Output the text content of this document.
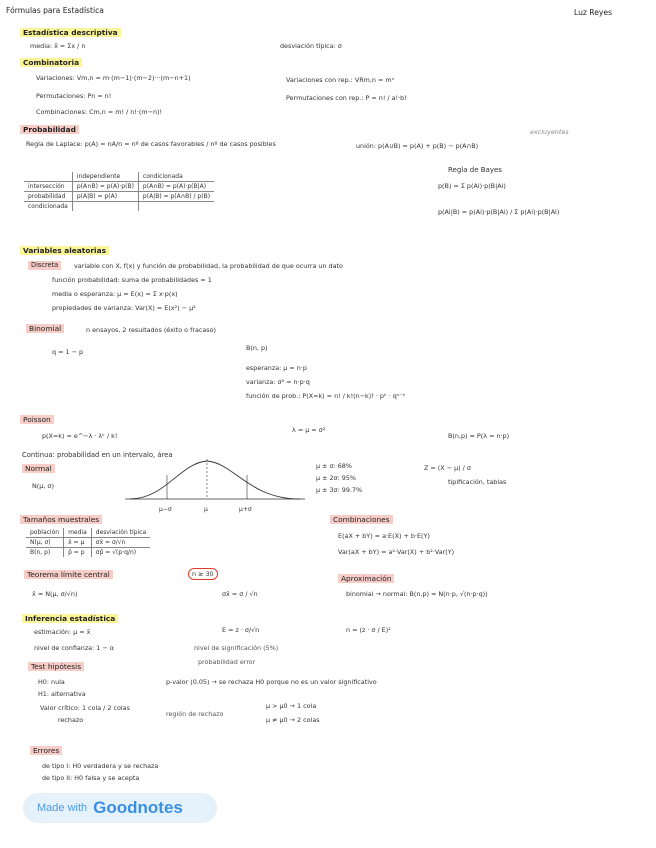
Fórmulas para Estadística	Luz Reyes
Estadística descriptiva
media: x̄ = Σx / n	desviación típica: σ
Combinatoria
Variaciones: Vm,n = m·(m−1)·(m−2)···(m−n+1)	Variaciones con rep.: VRm,n = mⁿ
Permutaciones: Pn = n!	Permutaciones con rep.: P = n! / a!·b!
Combinaciones: Cm,n = m! / n!·(m−n)!
Probabilidad
Regla de Laplace: p(A) = nA/n = nº de casos favorables / nº de casos posibles
excluyentes
unión: p(A∪B) = p(A) + p(B) − p(A∩B)
	independiente	condicionada
intersección	p(A∩B) = p(A)·p(B)	p(A∩B) = p(A)·p(B|A)
probabilidad	p(A|B) = p(A)	p(A|B) = p(A∩B) / p(B)
condicionada		
Regla de Bayes
p(B) = Σ p(Ai)·p(B|Ai)
p(Ai|B) = p(Ai)·p(B|Ai) / Σ p(Ai)·p(B|Ai)
Variables aleatorias
Discreta	variable con X, f(x) y función de probabilidad, la probabilidad de que ocurra un dato
función probabilidad: suma de probabilidades = 1
media o esperanza: μ = E(x) = Σ x·p(x)
propiedades de varianza: Var(X) = E(x²) − μ²
Binomial	n ensayos, 2 resultados (éxito o fracaso)
B(n, p)
q = 1 − p
esperanza: μ = n·p
varianza: σ² = n·p·q
función de prob.: P(X=k) = n! / k!(n−k)! · pᵏ · qⁿ⁻ᵏ
Poisson
p(X=k) = e^−λ · λᵏ / k!
λ = μ = σ²
B(n,p) ≈ P(λ = n·p)
Continua: probabilidad en un intervalo, área
Normal
N(μ, σ)
μ−σ	μ	μ+σ
μ ± σ: 68%
μ ± 2σ: 95%
μ ± 3σ: 99.7%
Z = (X − μ) / σ
tipificación, tablas
Tamaños muestrales
población	media	desviación típica
N(μ, σ)	x̄ = μ	σx̄ = σ/√n
B(n, p)	p̂ = p	σp̂ = √(p·q/n)
Combinaciones
E(aX + bY) = a·E(X) + b·E(Y)
Var(aX + bY) = a²·Var(X) + b²·Var(Y)
Teorema límite central	n ≥ 30
x̄ ≈ N(μ, σ/√n)	σx̄ = σ / √n
Aproximación
binomial → normal: B(n,p) ≈ N(n·p, √(n·p·q))
Inferencia estadística
estimación: μ = x̄	E = z · σ/√n	n = (z · σ / E)²
nivel de confianza: 1 − α	nivel de significación (5%)
probabilidad error
Test hipótesis
H0: nula
H1: alternativa
p-valor (0.05) → se rechaza H0 porque no es un valor significativo
Valor crítico: 1 cola / 2 colas
rechazo
región de rechazo
μ > μ0 → 1 cola
μ ≠ μ0 → 2 colas
Errores
de tipo I: H0 verdadera y se rechaza
de tipo II: H0 falsa y se acepta
Made with Goodnotes
